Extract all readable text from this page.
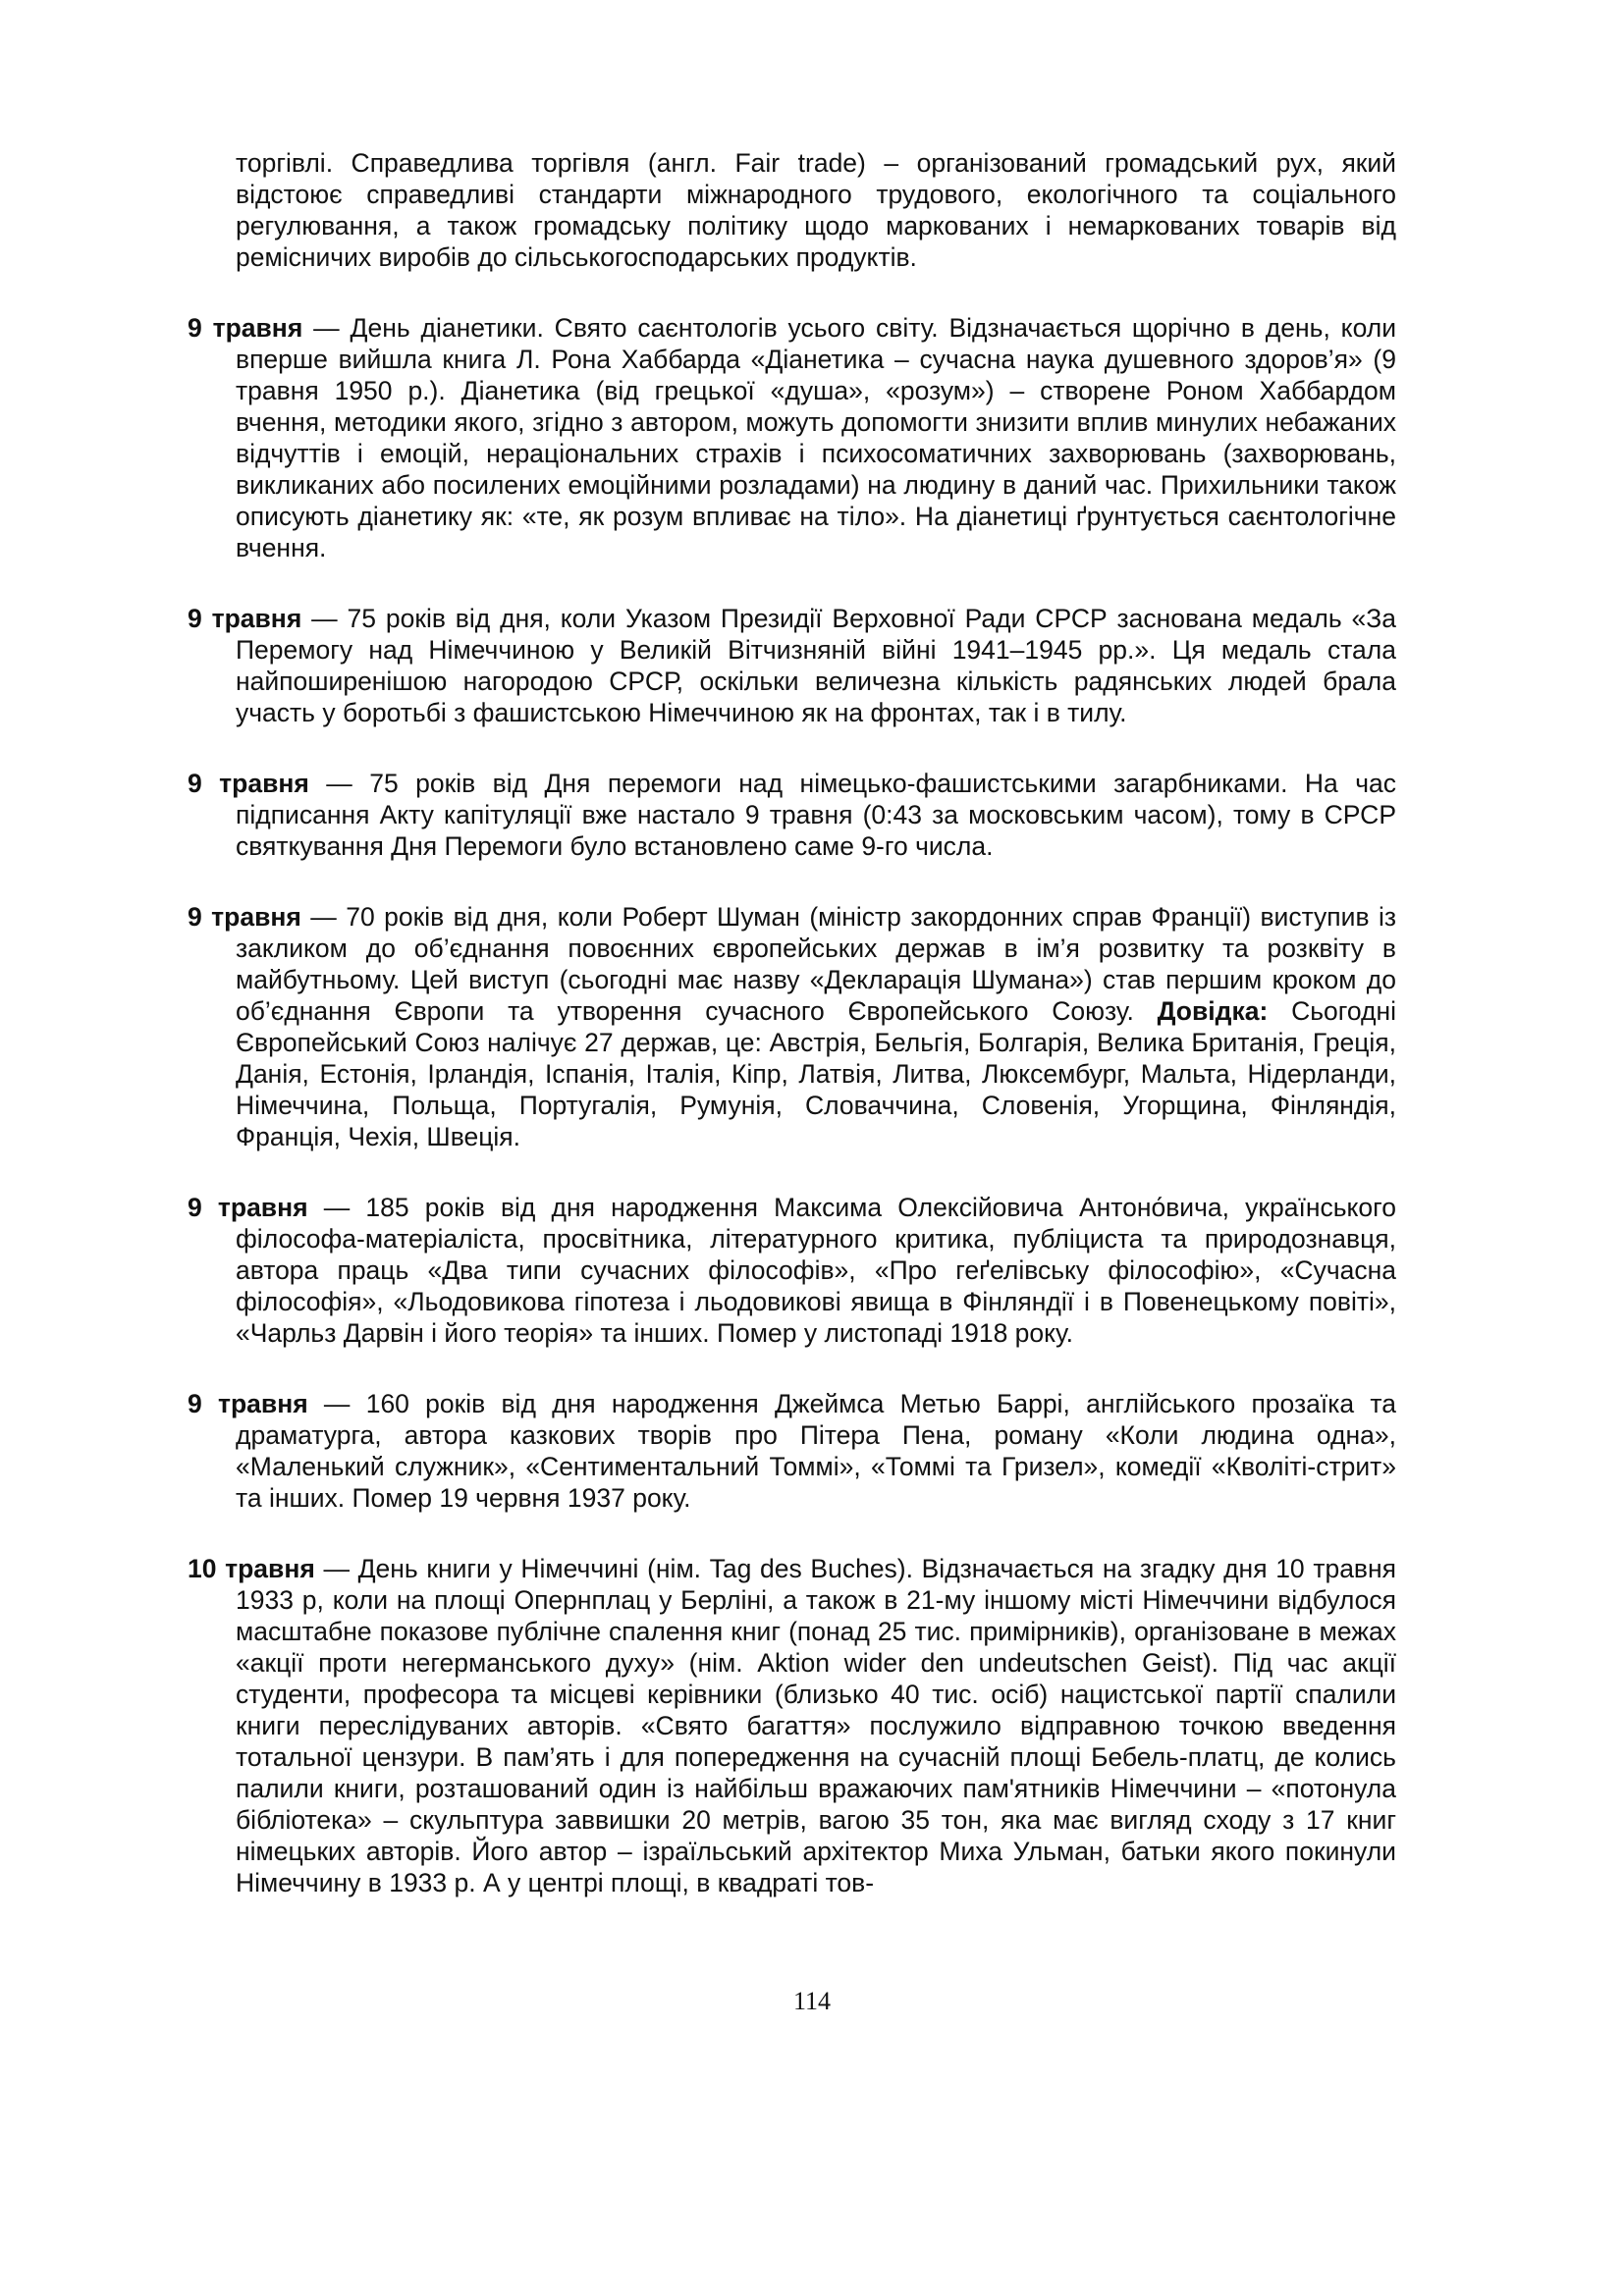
торгівлі. Справедлива торгівля (англ. Fair trade) – організований громадський рух, який відстоює справедливі стандарти міжнародного трудового, екологічного та соціального регулювання, а також громадську політику щодо маркованих і немаркованих товарів від ремісничих виробів до сільськогосподарських продуктів.

9 травня — День діанетики. Свято саєнтологів усього світу. Відзначається щорічно в день, коли вперше вийшла книга Л. Рона Хаббарда «Діанетика – сучасна наука душевного здоров’я» (9 травня 1950 р.). Діанетика (від грецької «душа», «розум») – створене Роном Хаббардом вчення, методики якого, згідно з автором, можуть допомогти знизити вплив минулих небажаних відчуттів і емоцій, нераціональних страхів і психосоматичних захворювань (захворювань, викликаних або посилених емоційними розладами) на людину в даний час. Прихильники також описують діанетику як: «те, як розум впливає на тіло». На діанетиці ґрунтується саєнтологічне вчення.

9 травня — 75 років від дня, коли Указом Президії Верховної Ради СРСР заснована медаль «За Перемогу над Німеччиною у Великій Вітчизняній війні 1941–1945 рр.». Ця медаль стала найпоширенішою нагородою СРСР, оскільки величезна кількість радянських людей брала участь у боротьбі з фашистською Німеччиною як на фронтах, так і в тилу.

9 травня — 75 років від Дня перемоги над німецько-фашистськими загарбниками. На час підписання Акту капітуляції вже настало 9 травня (0:43 за московським часом), тому в СРСР святкування Дня Перемоги було встановлено саме 9-го числа.

9 травня — 70 років від дня, коли Роберт Шуман (міністр закордонних справ Франції) виступив із закликом до об’єднання повоєнних європейських держав в ім’я розвитку та розквіту в майбутньому. Цей виступ (сьогодні має назву «Декларація Шумана») став першим кроком до об’єднання Європи та утворення сучасного Європейського Союзу. Довідка: Сьогодні Європейський Союз налічує 27 держав, це: Австрія, Бельгія, Болгарія, Велика Британія, Греція, Данія, Естонія, Ірландія, Іспанія, Італія, Кіпр, Латвія, Литва, Люксембург, Мальта, Нідерланди, Німеччина, Польща, Португалія, Румунія, Словаччина, Словенія, Угорщина, Фінляндія, Франція, Чехія, Швеція.

9 травня — 185 років від дня народження Максима Олексійовича Антоно́вича, українського філософа-матеріаліста, просвітника, літературного критика, публіциста та природознавця, автора праць «Два типи сучасних філософів», «Про геґелівську філософію», «Сучасна філософія», «Льодовикова гіпотеза і льодовикові явища в Фінляндії і в Повенецькому повіті», «Чарльз Дарвін і його теорія» та інших. Помер у листопаді 1918 року.

9 травня — 160 років від дня народження Джеймса Метью Баррі, англійського прозаїка та драматурга, автора казкових творів про Пітера Пена, роману «Коли людина одна», «Маленький служник», «Сентиментальний Томмі», «Томмі та Гризел», комедії «Кволіті-стрит» та інших. Помер 19 червня 1937 року.

10 травня — День книги у Німеччині (нім. Tag des Buches). Відзначається на згадку дня 10 травня 1933 р, коли на площі Опернплац у Берліні, а також в 21-му іншому місті Німеччини відбулося масштабне показове публічне спалення книг (понад 25 тис. примірників), організоване в межах «акції проти негерманського духу» (нім. Aktion wider den undeutschen Geist). Під час акції студенти, професора та місцеві керівники (близько 40 тис. осіб) нацистської партії спалили книги переслідуваних авторів. «Свято багаття» послужило відправною точкою введення тотальної цензури. В пам’ять і для попередження на сучасній площі Бебель-платц, де колись палили книги, розташований один із найбільш вражаючих пам'ятників Німеччини – «потонула бібліотека» – скульптура заввишки 20 метрів, вагою 35 тон, яка має вигляд сходу з 17 книг німецьких авторів. Його автор – ізраїльський архітектор Миха Ульман, батьки якого покинули Німеччину в 1933 р. А у центрі площі, в квадраті тов-

114
